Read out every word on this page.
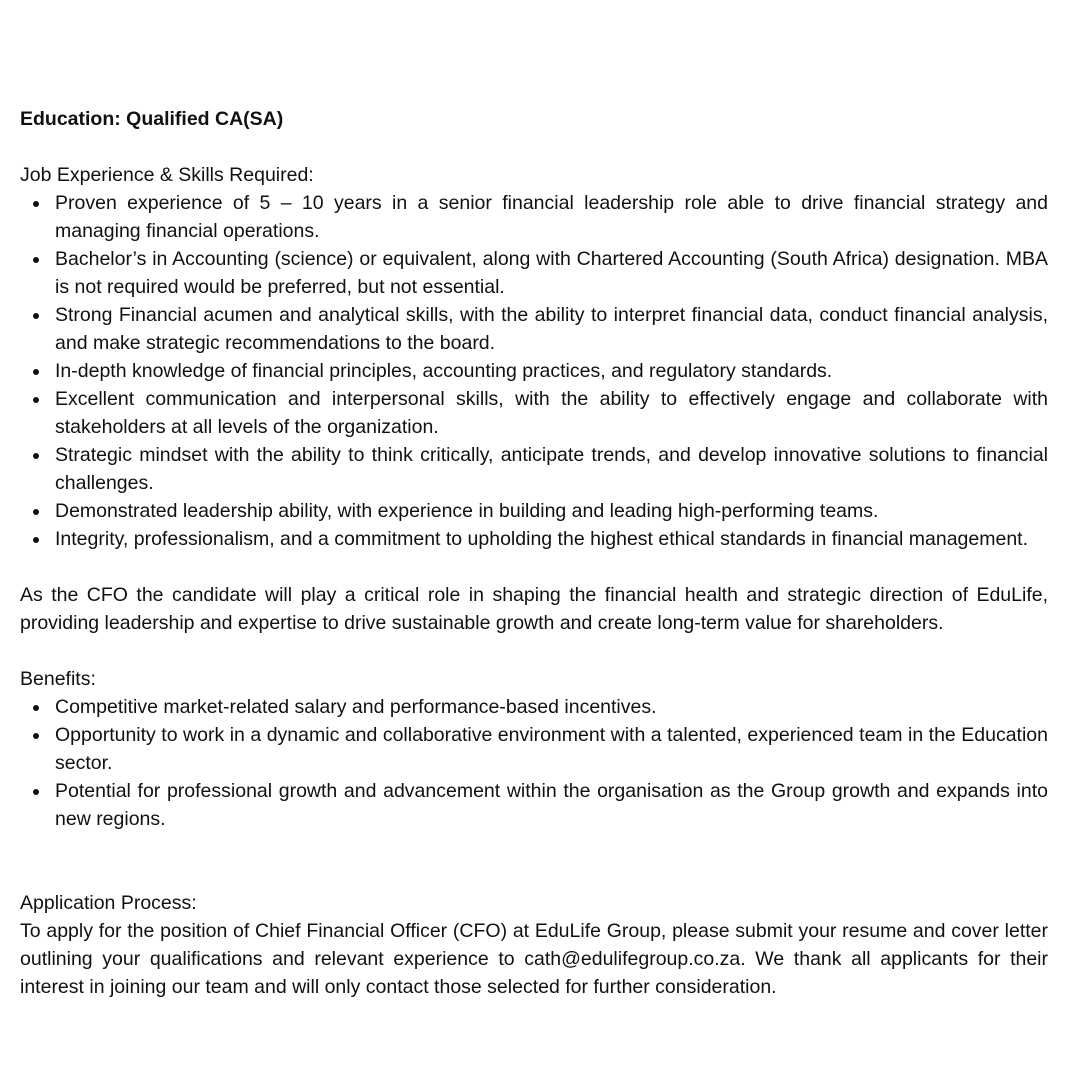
Education: Qualified CA(SA)

Job Experience & Skills Required:

Proven experience of 5 – 10 years in a senior financial leadership role able to drive financial strategy and managing financial operations.
Bachelor’s in Accounting (science) or equivalent, along with Chartered Accounting (South Africa) designation. MBA is not required would be preferred, but not essential.
Strong Financial acumen and analytical skills, with the ability to interpret financial data, conduct financial analysis, and make strategic recommendations to the board.
In-depth knowledge of financial principles, accounting practices, and regulatory standards.
Excellent communication and interpersonal skills, with the ability to effectively engage and collaborate with stakeholders at all levels of the organization.
Strategic mindset with the ability to think critically, anticipate trends, and develop innovative solutions to financial challenges.
Demonstrated leadership ability, with experience in building and leading high-performing teams.
Integrity, professionalism, and a commitment to upholding the highest ethical standards in financial management.

As the CFO the candidate will play a critical role in shaping the financial health and strategic direction of EduLife, providing leadership and expertise to drive sustainable growth and create long-term value for shareholders.

Benefits:

Competitive market-related salary and performance-based incentives.
Opportunity to work in a dynamic and collaborative environment with a talented, experienced team in the Education sector.
Potential for professional growth and advancement within the organisation as the Group growth and expands into new regions.

Application Process:

To apply for the position of Chief Financial Officer (CFO) at EduLife Group, please submit your resume and cover letter outlining your qualifications and relevant experience to cath@edulifegroup.co.za. We thank all applicants for their interest in joining our team and will only contact those selected for further consideration.
